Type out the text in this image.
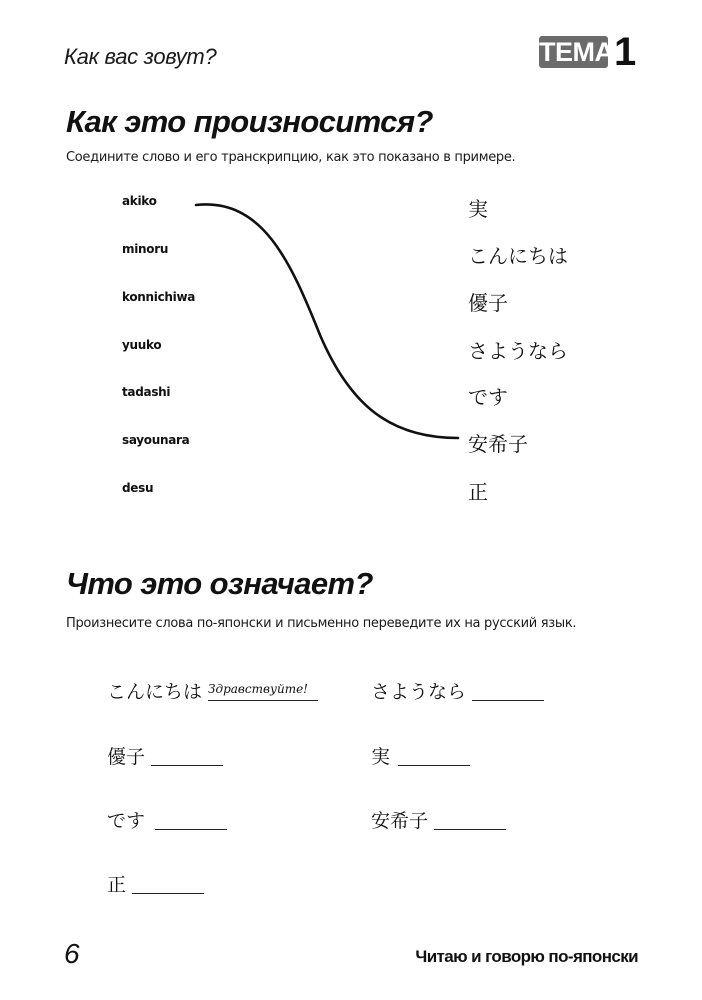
Как вас зовут?	ТЕМА 1
Как это произносится?
Соедините слово и его транскрипцию, как это показано в примере.
akiko
minoru
konnichiwa
yuuko
tadashi
sayounara
desu
実
こんにちは
優子
さようなら
です
安希子
正
Что это означает?
Произнесите слова по-японски и письменно переведите их на русский язык.
こんにちは Здравствуйте!	さようなら
優子	実
です	安希子
正
6	Читаю и говорю по-японски
